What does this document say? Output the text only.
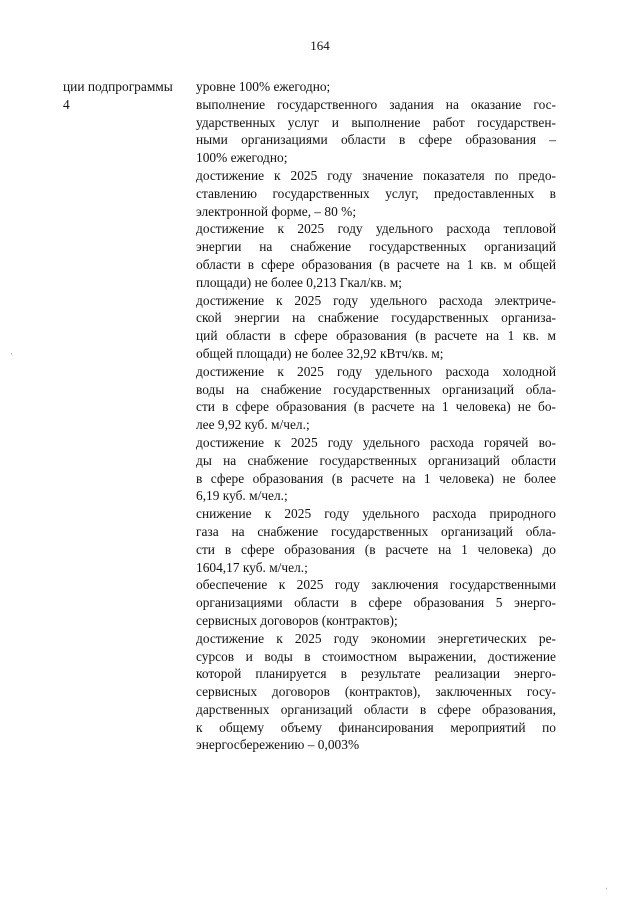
164
ции подпрограммы
4
уровне 100% ежегодно;
выполнение государственного задания на оказание гос-
ударственных услуг и выполнение работ государствен-
ными организациями области в сфере образования –
100% ежегодно;
достижение к 2025 году значение показателя по предо-
ставлению государственных услуг, предоставленных в
электронной форме, – 80 %;
достижение к 2025 году удельного расхода тепловой
энергии на снабжение государственных организаций
области в сфере образования (в расчете на 1 кв. м общей
площади) не более 0,213 Гкал/кв. м;
достижение к 2025 году удельного расхода электриче-
ской энергии на снабжение государственных организа-
ций области в сфере образования (в расчете на 1 кв. м
общей площади) не более 32,92 кВтч/кв. м;
достижение к 2025 году удельного расхода холодной
воды на снабжение государственных организаций обла-
сти в сфере образования (в расчете на 1 человека) не бо-
лее 9,92 куб. м/чел.;
достижение к 2025 году удельного расхода горячей во-
ды на снабжение государственных организаций области
в сфере образования (в расчете на 1 человека) не более
6,19 куб. м/чел.;
снижение к 2025 году удельного расхода природного
газа на снабжение государственных организаций обла-
сти в сфере образования (в расчете на 1 человека) до
1604,17 куб. м/чел.;
обеспечение к 2025 году заключения государственными
организациями области в сфере образования 5 энерго-
сервисных договоров (контрактов);
достижение к 2025 году экономии энергетических ре-
сурсов и воды в стоимостном выражении, достижение
которой планируется в результате реализации энерго-
сервисных договоров (контрактов), заключенных госу-
дарственных организаций области в сфере образования,
к общему объему финансирования мероприятий по
энергосбережению – 0,003%
ˌ
ˌ
